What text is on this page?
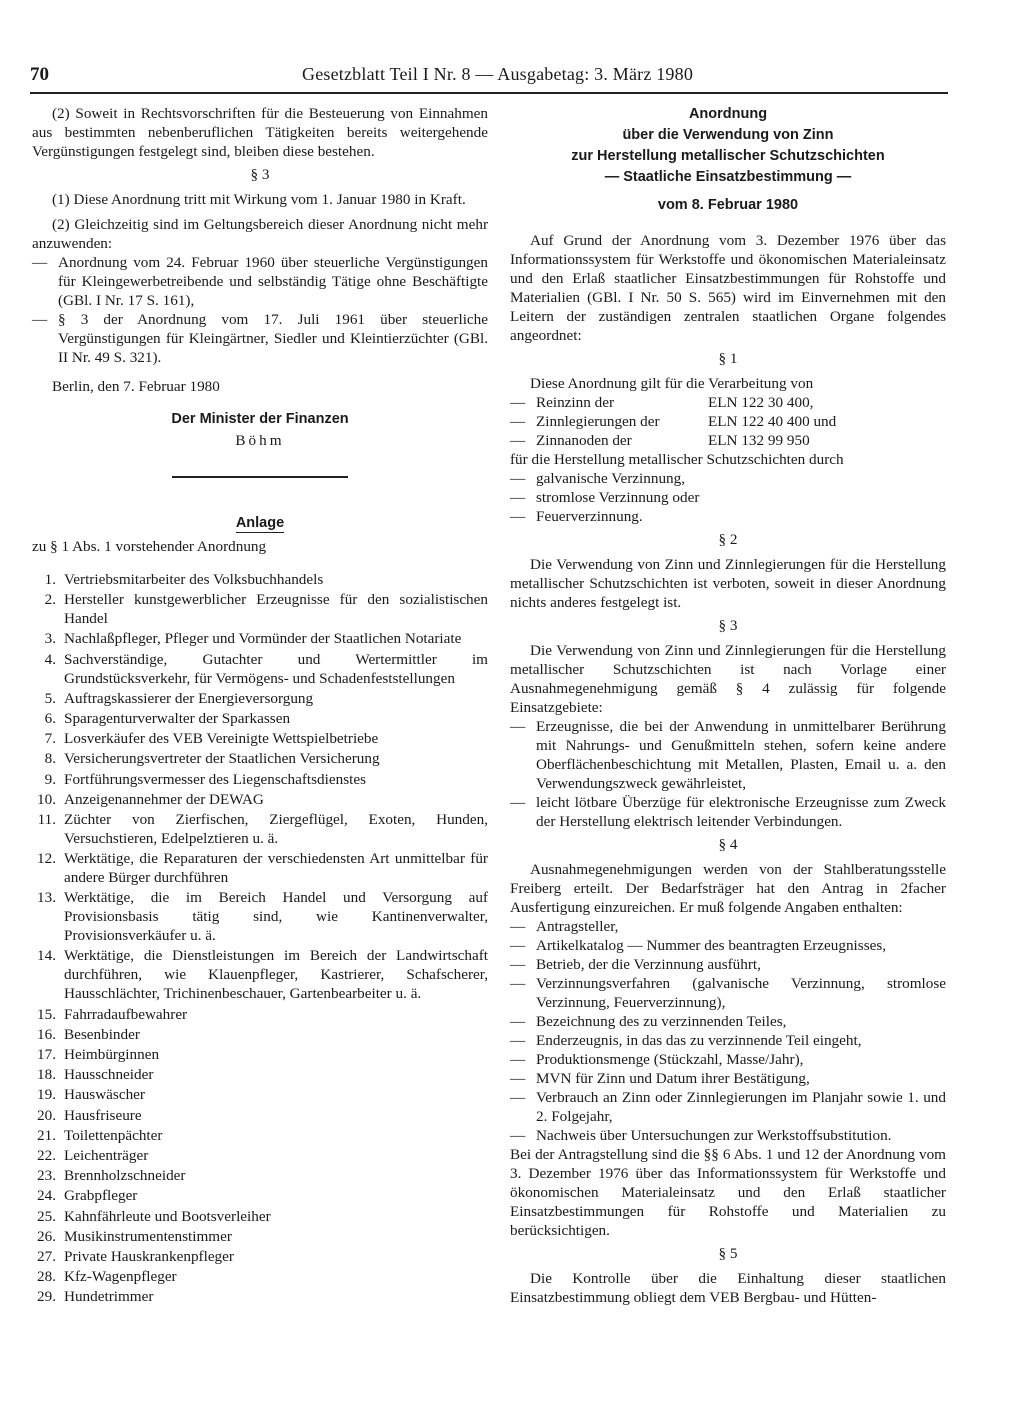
70	Gesetzblatt Teil I Nr. 8 — Ausgabetag: 3. März 1980

(2) Soweit in Rechtsvorschriften für die Besteuerung von Einnahmen aus bestimmten nebenberuflichen Tätigkeiten bereits weitergehende Vergünstigungen festgelegt sind, bleiben diese bestehen.

§ 3

(1) Diese Anordnung tritt mit Wirkung vom 1. Januar 1980 in Kraft.

(2) Gleichzeitig sind im Geltungsbereich dieser Anordnung nicht mehr anzuwenden:

— Anordnung vom 24. Februar 1960 über steuerliche Vergünstigungen für Kleingewerbetreibende und selbständig Tätige ohne Beschäftigte (GBl. I Nr. 17 S. 161),
— § 3 der Anordnung vom 17. Juli 1961 über steuerliche Vergünstigungen für Kleingärtner, Siedler und Kleintierzüchter (GBl. II Nr. 49 S. 321).

Berlin, den 7. Februar 1980

Der Minister der Finanzen
Böhm
Anlage

zu § 1 Abs. 1 vorstehender Anordnung

1. Vertriebsmitarbeiter des Volksbuchhandels
2. Hersteller kunstgewerblicher Erzeugnisse für den sozialistischen Handel
3. Nachlaßpfleger, Pfleger und Vormünder der Staatlichen Notariate
4. Sachverständige, Gutachter und Wertermittler im Grundstücksverkehr, für Vermögens- und Schadenfeststellungen
5. Auftragskassierer der Energieversorgung
6. Sparagenturverwalter der Sparkassen
7. Losverkäufer des VEB Vereinigte Wettspielbetriebe
8. Versicherungsvertreter der Staatlichen Versicherung
9. Fortführungsvermesser des Liegenschaftsdienstes
10. Anzeigenannehmer der DEWAG
11. Züchter von Zierfischen, Ziergeflügel, Exoten, Hunden, Versuchstieren, Edelpelztieren u. ä.
12. Werktätige, die Reparaturen der verschiedensten Art unmittelbar für andere Bürger durchführen
13. Werktätige, die im Bereich Handel und Versorgung auf Provisionsbasis tätig sind, wie Kantinenverwalter, Provisionsverkäufer u. ä.
14. Werktätige, die Dienstleistungen im Bereich der Landwirtschaft durchführen, wie Klauenpfleger, Kastrierer, Schafscherer, Hausschlächter, Trichinenbeschauer, Gartenbearbeiter u. ä.
15. Fahrradaufbewahrer
16. Besenbinder
17. Heimbürginnen
18. Hausschneider
19. Hauswäscher
20. Hausfriseure
21. Toilettenpächter
22. Leichenträger
23. Brennholzschneider
24. Grabpfleger
25. Kahnfährleute und Bootsverleiher
26. Musikinstrumentenstimmer
27. Private Hauskrankenpfleger
28. Kfz-Wagenpfleger
29. Hundetrimmer
Anordnung
über die Verwendung von Zinn
zur Herstellung metallischer Schutzschichten
— Staatliche Einsatzbestimmung —
vom 8. Februar 1980

Auf Grund der Anordnung vom 3. Dezember 1976 über das Informationssystem für Werkstoffe und ökonomischen Materialeinsatz und den Erlaß staatlicher Einsatzbestimmungen für Rohstoffe und Materialien (GBl. I Nr. 50 S. 565) wird im Einvernehmen mit den Leitern der zuständigen zentralen staatlichen Organe folgendes angeordnet:

§ 1

Diese Anordnung gilt für die Verarbeitung von

—	Reinzinn der	ELN 122 30 400,
—	Zinnlegierungen der	ELN 122 40 400 und
—	Zinnanoden der	ELN 132 99 950

für die Herstellung metallischer Schutzschichten durch

— galvanische Verzinnung,
— stromlose Verzinnung oder
— Feuerverzinnung.
§ 2

Die Verwendung von Zinn und Zinnlegierungen für die Herstellung metallischer Schutzschichten ist verboten, soweit in dieser Anordnung nichts anderes festgelegt ist.

§ 3

Die Verwendung von Zinn und Zinnlegierungen für die Herstellung metallischer Schutzschichten ist nach Vorlage einer Ausnahmegenehmigung gemäß § 4 zulässig für folgende Einsatzgebiete:

— Erzeugnisse, die bei der Anwendung in unmittelbarer Berührung mit Nahrungs- und Genußmitteln stehen, sofern keine andere Oberflächenbeschichtung mit Metallen, Plasten, Email u. a. den Verwendungszweck gewährleistet,
— leicht lötbare Überzüge für elektronische Erzeugnisse zum Zweck der Herstellung elektrisch leitender Verbindungen.
§ 4

Ausnahmegenehmigungen werden von der Stahlberatungsstelle Freiberg erteilt. Der Bedarfsträger hat den Antrag in 2facher Ausfertigung einzureichen. Er muß folgende Angaben enthalten:

— Antragsteller,
— Artikelkatalog — Nummer des beantragten Erzeugnisses,
— Betrieb, der die Verzinnung ausführt,
— Verzinnungsverfahren (galvanische Verzinnung, stromlose Verzinnung, Feuerverzinnung),
— Bezeichnung des zu verzinnenden Teiles,
— Enderzeugnis, in das das zu verzinnende Teil eingeht,
— Produktionsmenge (Stückzahl, Masse/Jahr),
— MVN für Zinn und Datum ihrer Bestätigung,
— Verbrauch an Zinn oder Zinnlegierungen im Planjahr sowie 1. und 2. Folgejahr,
— Nachweis über Untersuchungen zur Werkstoffsubstitution.

Bei der Antragstellung sind die §§ 6 Abs. 1 und 12 der Anordnung vom 3. Dezember 1976 über das Informationssystem für Werkstoffe und ökonomischen Materialeinsatz und den Erlaß staatlicher Einsatzbestimmungen für Rohstoffe und Materialien zu berücksichtigen.

§ 5

Die Kontrolle über die Einhaltung dieser staatlichen Einsatzbestimmung obliegt dem VEB Bergbau- und Hütten-
